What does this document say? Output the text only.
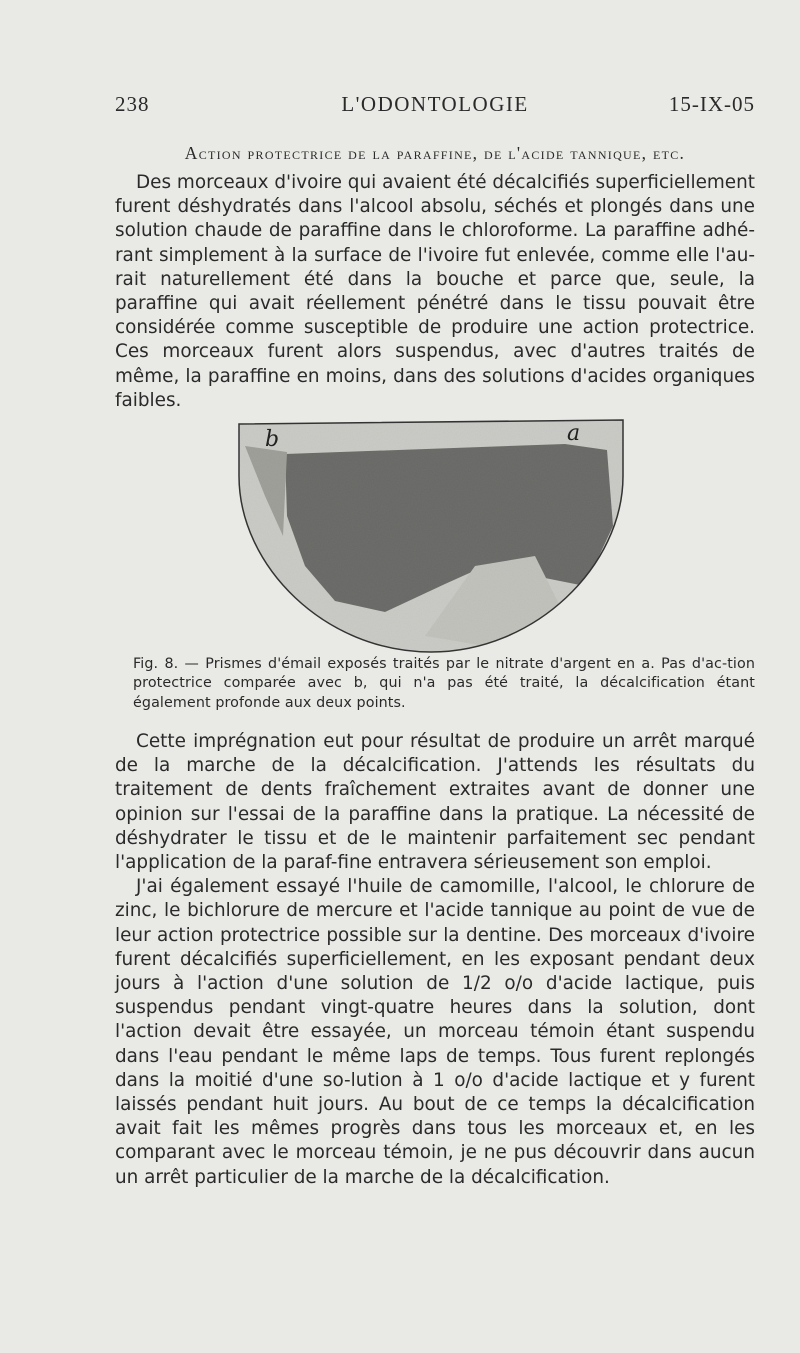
238	L'ODONTOLOGIE	15-IX-05
Action protectrice de la paraffine, de l'acide tannique, etc.

Des morceaux d'ivoire qui avaient été décalcifiés superficiellement furent déshydratés dans l'alcool absolu, séchés et plongés dans une solution chaude de paraffine dans le chloroforme. La paraffine adhé-rant simplement à la surface de l'ivoire fut enlevée, comme elle l'au-rait naturellement été dans la bouche et parce que, seule, la paraffine qui avait réellement pénétré dans le tissu pouvait être considérée comme susceptible de produire une action protectrice. Ces morceaux furent alors suspendus, avec d'autres traités de même, la paraffine en moins, dans des solutions d'acides organiques faibles.

b	a
Fig. 8. — Prismes d'émail exposés traités par le nitrate d'argent en a. Pas d'ac-tion protectrice comparée avec b, qui n'a pas été traité, la décalcification étant également profonde aux deux points.

Cette imprégnation eut pour résultat de produire un arrêt marqué de la marche de la décalcification. J'attends les résultats du traitement de dents fraîchement extraites avant de donner une opinion sur l'essai de la paraffine dans la pratique. La nécessité de déshydrater le tissu et de le maintenir parfaitement sec pendant l'application de la paraf-fine entravera sérieusement son emploi.

J'ai également essayé l'huile de camomille, l'alcool, le chlorure de zinc, le bichlorure de mercure et l'acide tannique au point de vue de leur action protectrice possible sur la dentine. Des morceaux d'ivoire furent décalcifiés superficiellement, en les exposant pendant deux jours à l'action d'une solution de 1/2 o/o d'acide lactique, puis suspendus pendant vingt-quatre heures dans la solution, dont l'action devait être essayée, un morceau témoin étant suspendu dans l'eau pendant le même laps de temps. Tous furent replongés dans la moitié d'une so-lution à 1 o/o d'acide lactique et y furent laissés pendant huit jours. Au bout de ce temps la décalcification avait fait les mêmes progrès dans tous les morceaux et, en les comparant avec le morceau témoin, je ne pus découvrir dans aucun un arrêt particulier de la marche de la décalcification.
